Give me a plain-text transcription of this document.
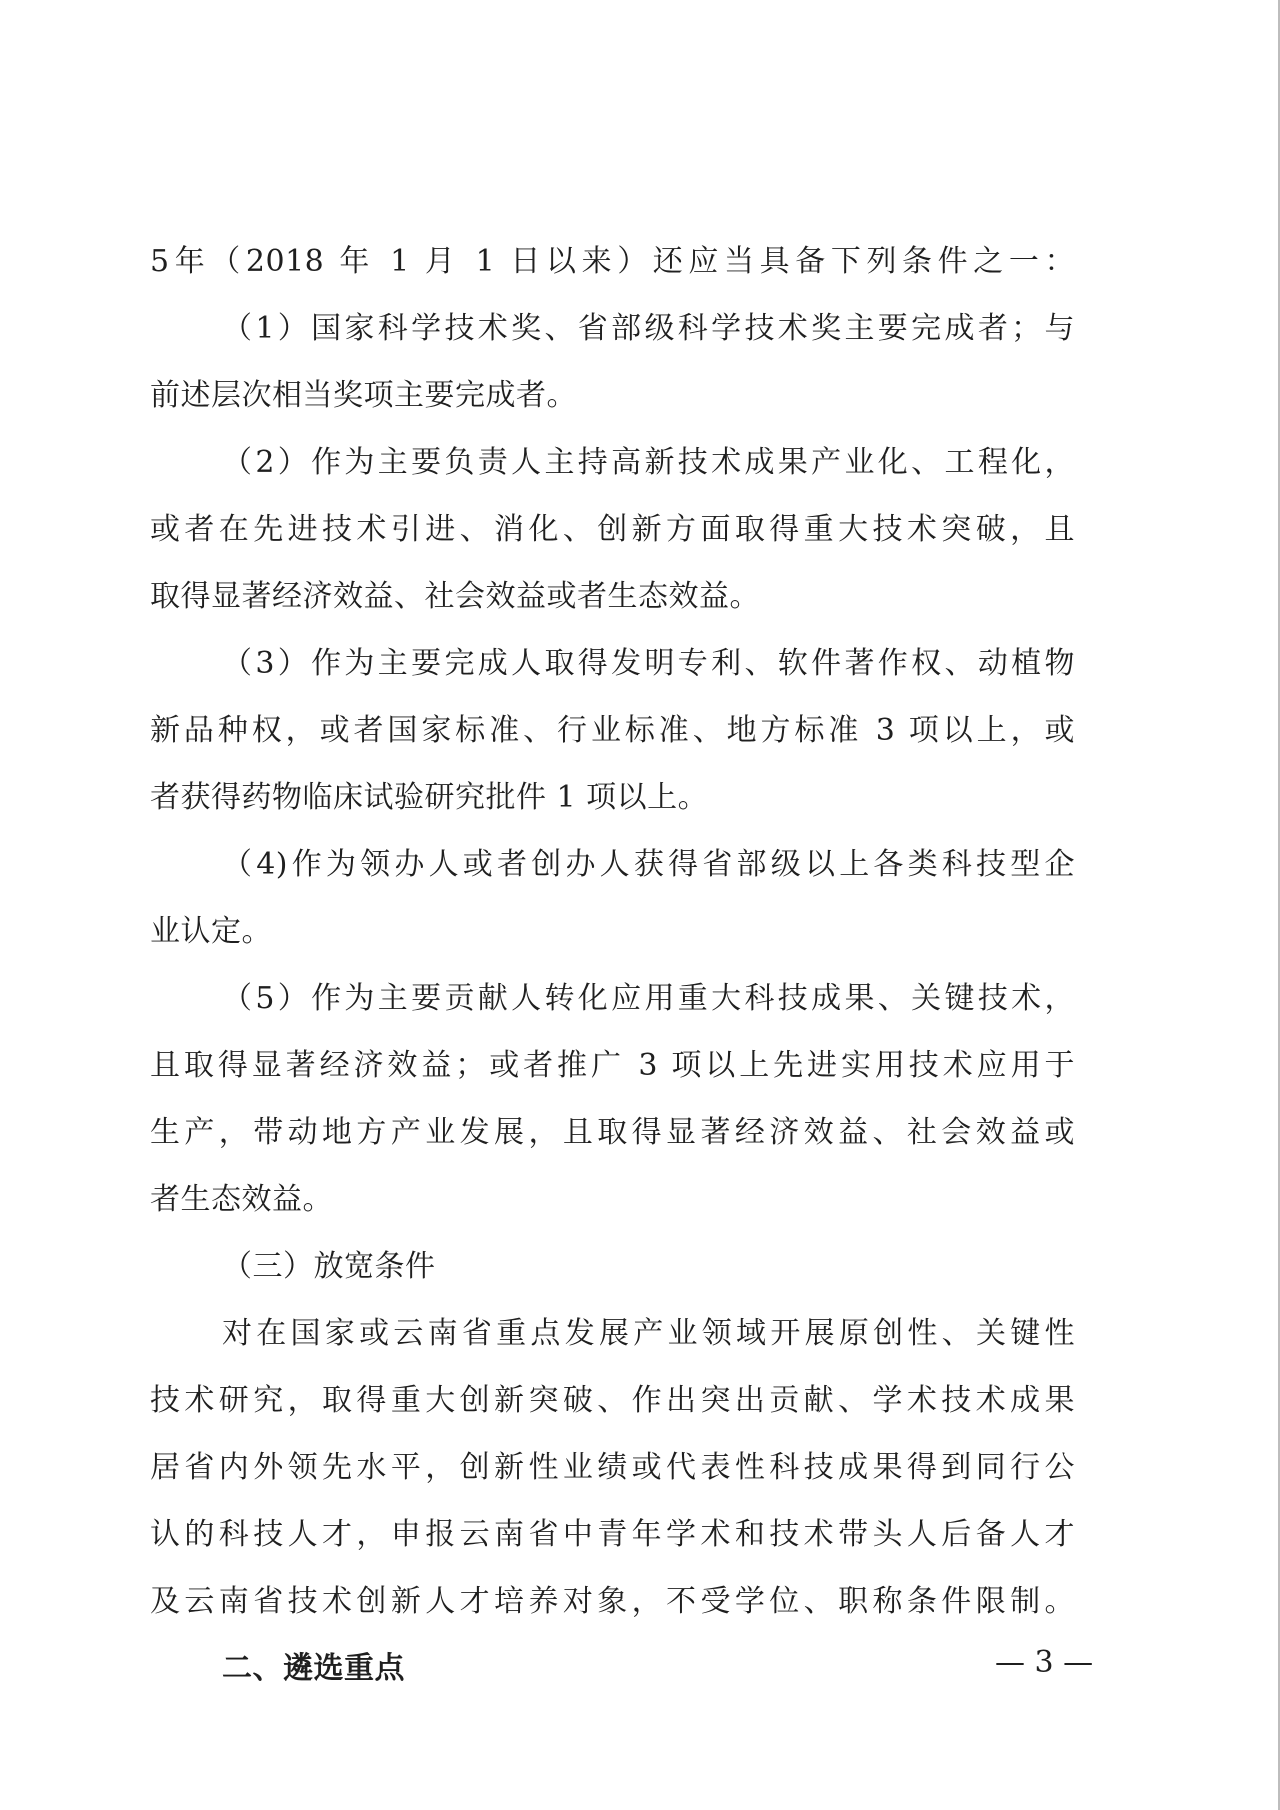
5年（2018 年 1 月 1 日以来）还应当具备下列条件之一：
（1）国家科学技术奖、省部级科学技术奖主要完成者；与
前述层次相当奖项主要完成者。
（2）作为主要负责人主持高新技术成果产业化、工程化，
或者在先进技术引进、消化、创新方面取得重大技术突破，且
取得显著经济效益、社会效益或者生态效益。
（3）作为主要完成人取得发明专利、软件著作权、动植物
新品种权，或者国家标准、行业标准、地方标准 3 项以上，或
者获得药物临床试验研究批件 1 项以上。
（4)作为领办人或者创办人获得省部级以上各类科技型企
业认定。
（5）作为主要贡献人转化应用重大科技成果、关键技术，
且取得显著经济效益；或者推广 3 项以上先进实用技术应用于
生产，带动地方产业发展，且取得显著经济效益、社会效益或
者生态效益。
（三）放宽条件
对在国家或云南省重点发展产业领域开展原创性、关键性
技术研究，取得重大创新突破、作出突出贡献、学术技术成果
居省内外领先水平，创新性业绩或代表性科技成果得到同行公
认的科技人才，申报云南省中青年学术和技术带头人后备人才
及云南省技术创新人才培养对象，不受学位、职称条件限制。
二、遴选重点	— 3 —
